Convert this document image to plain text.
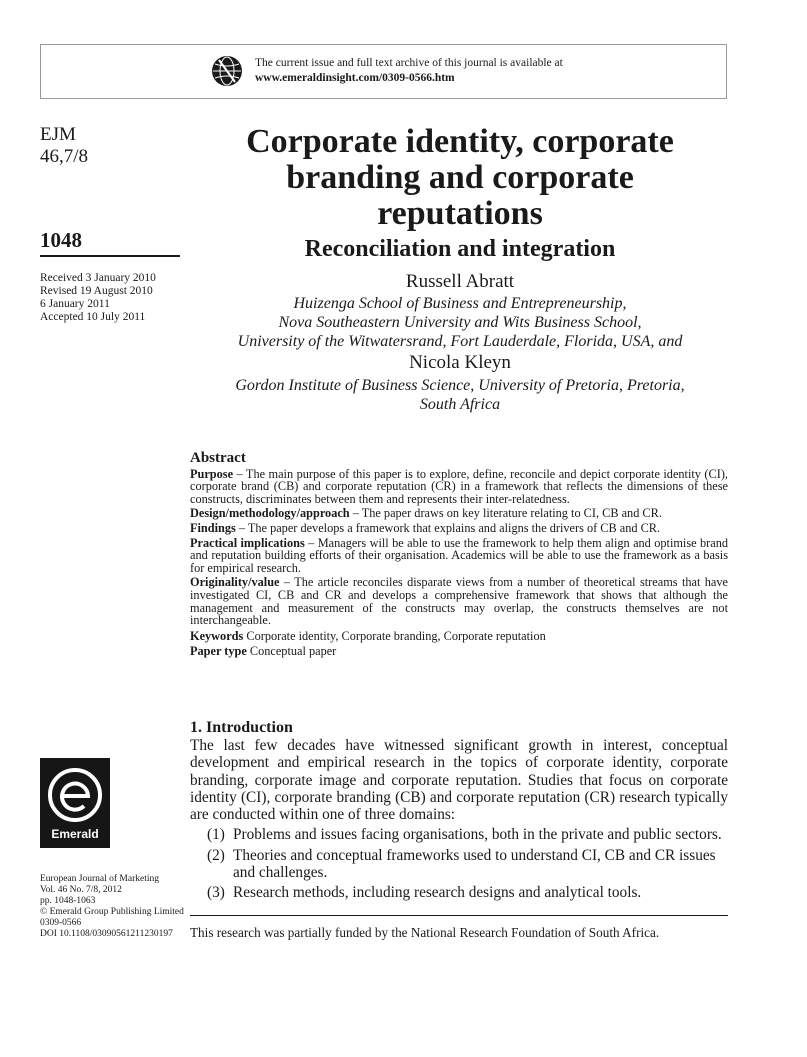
The current issue and full text archive of this journal is available at
www.emeraldinsight.com/0309-0566.htm
EJM
46,7/8
1048
Received 3 January 2010
Revised 19 August 2010
6 January 2011
Accepted 10 July 2011
Emerald
European Journal of Marketing
Vol. 46 No. 7/8, 2012
pp. 1048-1063
© Emerald Group Publishing Limited
0309-0566
DOI 10.1108/03090561211230197
Corporate identity, corporate
branding and corporate
reputations
Reconciliation and integration
Russell Abratt
Huizenga School of Business and Entrepreneurship,
Nova Southeastern University and Wits Business School,
University of the Witwatersrand, Fort Lauderdale, Florida, USA, and
Nicola Kleyn
Gordon Institute of Business Science, University of Pretoria, Pretoria,
South Africa
Abstract
Purpose – The main purpose of this paper is to explore, define, reconcile and depict corporate identity (CI), corporate brand (CB) and corporate reputation (CR) in a framework that reflects the dimensions of these constructs, discriminates between them and represents their inter-relatedness.
Design/methodology/approach – The paper draws on key literature relating to CI, CB and CR.
Findings – The paper develops a framework that explains and aligns the drivers of CB and CR.
Practical implications – Managers will be able to use the framework to help them align and optimise brand and reputation building efforts of their organisation. Academics will be able to use the framework as a basis for empirical research.
Originality/value – The article reconciles disparate views from a number of theoretical streams that have investigated CI, CB and CR and develops a comprehensive framework that shows that although the management and measurement of the constructs may overlap, the constructs themselves are not interchangeable.
Keywords Corporate identity, Corporate branding, Corporate reputation
Paper type Conceptual paper
1. Introduction
The last few decades have witnessed significant growth in interest, conceptual development and empirical research in the topics of corporate identity, corporate branding, corporate image and corporate reputation. Studies that focus on corporate identity (CI), corporate branding (CB) and corporate reputation (CR) research typically are conducted within one of three domains:
(1) Problems and issues facing organisations, both in the private and public sectors.
(2) Theories and conceptual frameworks used to understand CI, CB and CR issues and challenges.
(3) Research methods, including research designs and analytical tools.
This research was partially funded by the National Research Foundation of South Africa.
